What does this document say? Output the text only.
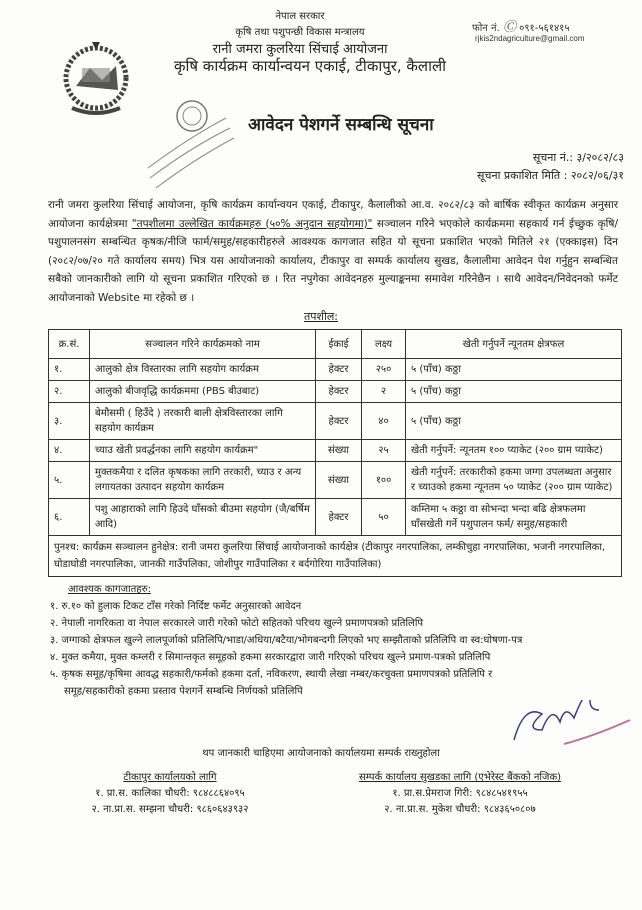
नेपाल सरकार
कृषि तथा पशुपन्छी विकास मन्त्रालय
रानी जमरा कुलरिया सिंचाई आयोजना
कृषि कार्यक्रम कार्यान्वयन एकाई, टीकापुर, कैलाली
फोन नं. Ⓒ ०९१-५६१४१५
rjkis2ndagriculture@gmail.com
आवेदन पेशगर्ने सम्बन्धि सूचना
सूचना नं.: ३/२०८२/८३
सूचना प्रकाशित मिति : २०८२/०६/३१
रानी जमरा कुलरिया सिंचाई आयोजना, कृषि कार्यक्रम कार्यान्वयन एकाई, टीकापुर, कैलालीको आ.व. २०८२/८३ को बार्षिक स्वीकृत कार्यक्रम अनुसार आयोजना कार्यक्षेत्रमा "तपशीलमा उल्लेखित कार्यक्रमहरु (५०% अनुदान सहयोगमा)" सञ्चालन गरिने भएकोले कार्यक्रममा सहकार्य गर्न ईच्छुक कृषि/पशुपालनसंग सम्बन्धित कृषक/नीजि फार्म/समुह/सहकारीहरुले आवश्यक कागजात सहित यो सूचना प्रकाशित भएको मितिले २१ (एक्काइस) दिन (२०८२/०७/२० गते कार्यालय समय) भित्र यस आयोजनाको कार्यालय, टीकापुर वा सम्पर्क कार्यालय सुखड, कैलालीमा आवेदन पेश गर्नुहुन सम्बन्धित सबैको जानकारीको लागि यो सूचना प्रकाशित गरिएको छ । रित नपुगेका आवेदनहरु मुल्याङ्कनमा समावेश गरिनेछैन । साथै आवेदन/निवेदनको फर्मेट आयोजनाको Website मा रहेको छ ।
तपशील:
क्र.सं.	सञ्चालन गरिने कार्यक्रमको नाम	ईकाई	लक्ष्य	खेती गर्नुपर्ने न्यूनतम क्षेत्रफल
१.	आलुको क्षेत्र विस्तारका लागि सहयोग कार्यक्रम	हेक्टर	२५०	५ (पाँच) कठ्ठा
२.	आलुको बीजवृद्धि कार्यक्रममा (PBS बीउबाट)	हेक्टर	२	५ (पाँच) कठ्ठा
३.	बेमौसमी ( हिउँदे ) तरकारी बाली क्षेत्रविस्तारका लागि सहयोग कार्यक्रम	हेक्टर	४०	५ (पाँच) कठ्ठा
४.	च्याउ खेती प्रवर्द्धनका लागि सहयोग कार्यक्रम"	संख्या	२५	खेती गर्नुपर्ने: न्यूनतम १०० प्याकेट (२०० ग्राम प्याकेट)
५.	मुक्तकमैया र दलित कृषकका लागि तरकारी, च्याउ र अन्य लगायतका उत्पादन सहयोग कार्यक्रम	संख्या	१००	खेती गर्नुपर्ने: तरकारीको हकमा जग्गा उपलब्धता अनुसार र च्याउको हकमा न्यूनतम ५० प्याकेट (२०० ग्राम प्याकेट)
६.	पशु आहाराको लागि हिउदे घाँसको बीउमा सहयोग (जै/बर्षिम आदि)	हेक्टर	५०	कम्तिमा ५ कठ्ठा वा सोभन्दा भन्दा बढि क्षेत्रफलमा घाँसखेती गर्ने पशुपालन फर्म/ समुह/सहकारी
पुनश्च: कार्यक्रम सञ्चालन हुनेक्षेत्र: रानी जमरा कुलरिया सिंचाई आयोजनाको कार्यक्षेत्र (टीकापुर नगरपालिका, लम्कीचुहा नगरपालिका, भजनी नगरपालिका, घोडाघोडी नगरपालिका, जानकी गाउँपलिका, जोशीपुर गाउँपालिका र बर्दगोरिया गाउँपालिका)				
आवश्यक कागजातहरु:
१. रु.१० को हुलाक टिकट टाँस गरेको निर्दिष्ट फर्मेट अनुसारको आवेदन
२. नेपाली नागरिकता वा नेपाल सरकारले जारी गरेको फोटो सहितको परिचय खुल्ने प्रमाणपत्रको प्रतिलिपि
३. जग्गाको क्षेत्रफल खुल्ने लालपूर्जाको प्रतिलिपि/भाडा/अधिया/बटैया/भोगबन्दगी लिएको भए सम्झौताको प्रतिलिपि वा स्व:घोषणा-पत्र
४. मुक्त कमैया, मुक्त कम्लरी र सिमान्तकृत समूहको हकमा सरकारद्वारा जारी गरिएको परिचय खुल्ने प्रमाण-पत्रको प्रतिलिपि
५. कृषक समूह/कृषिमा आवद्ध सहकारी/फर्मको हकमा दर्ता, नविकरण, स्थायी लेखा नम्बर/करचुक्ता प्रमाणपत्रको प्रतिलिपि र
समूह/सहकारीको हकमा प्रस्ताव पेशगर्ने सम्बन्धि निर्णयको प्रतिलिपि
थप जानकारी चाहिएमा आयोजनाको कार्यालयमा सम्पर्क राख्नुहोला
टीकापुर कार्यालयको लागि
१. प्रा.स. कालिका चौधरी: ९८४८८६४०९५
२. ना.प्रा.स. सम्झना चौधरी: ९८६०६४३९३२
सम्पर्क कार्यालय सुखडका लागि (एभेरेस्ट बैंकको नजिक)
१. प्रा.स.प्रेमराज गिरी: ९८४८५४१९५५
२. ना.प्रा.स. मुकेश चौधरी: ९८४३६५०८०७
